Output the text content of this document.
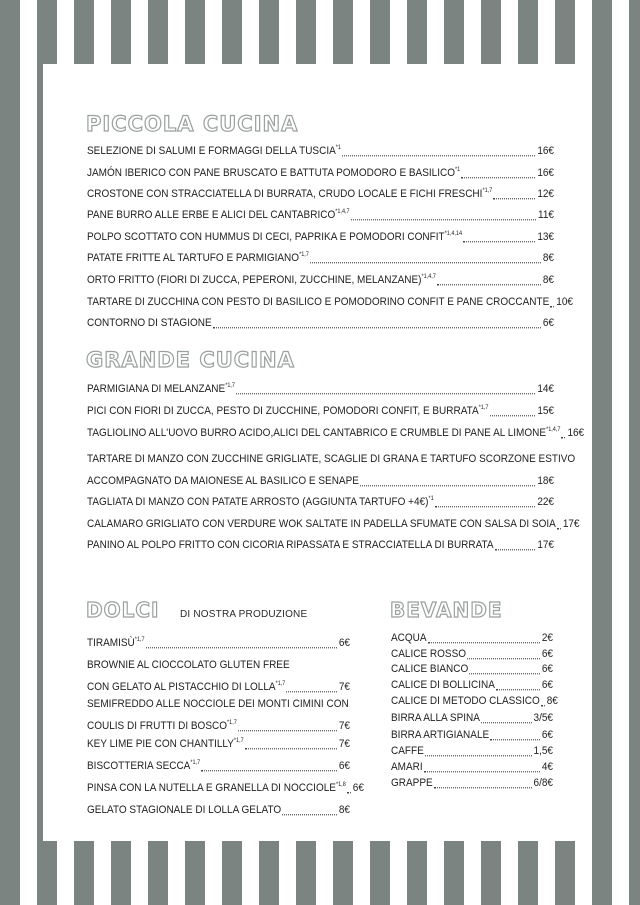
PICCOLA CUCINA
SELEZIONE DI SALUMI E FORMAGGI DELLA TUSCIA$^{*1}$	16€
JAMÓN IBERICO CON PANE BRUSCATO E BATTUTA POMODORO E BASILICO$^{*1}$	16€
CROSTONE CON STRACCIATELLA DI BURRATA, CRUDO LOCALE E FICHI FRESCHI$^{*1,7}$	12€
PANE BURRO ALLE ERBE E ALICI DEL CANTABRICO$^{*1,4,7}$	11€
POLPO SCOTTATO CON HUMMUS DI CECI, PAPRIKA E POMODORI CONFIT$^{*1,4,14}$	13€
PATATE FRITTE AL TARTUFO E PARMIGIANO$^{*1,7}$	8€
ORTO FRITTO (FIORI DI ZUCCA, PEPERONI, ZUCCHINE, MELANZANE)$^{*1,4,7}$	8€
TARTARE DI ZUCCHINA CON PESTO DI BASILICO E POMODORINO CONFIT E PANE CROCCANTE 10€
CONTORNO DI STAGIONE	6€
GRANDE CUCINA
PARMIGIANA DI MELANZANE$^{*1,7}$	14€
PICI CON FIORI DI ZUCCA, PESTO DI ZUCCHINE, POMODORI CONFIT, E BURRATA$^{*1,7}$	15€
TAGLIOLINO ALL'UOVO BURRO ACIDO,ALICI DEL CANTABRICO E CRUMBLE DI PANE AL LIMONE$^{*1,4,7}$ 16€
TARTARE DI MANZO CON ZUCCHINE GRIGLIATE, SCAGLIE DI GRANA E TARTUFO SCORZONE ESTIVO
ACCOMPAGNATO DA MAIONESE AL BASILICO E SENAPE	18€
TAGLIATA DI MANZO CON PATATE ARROSTO (AGGIUNTA TARTUFO +4€)$^{*1}$	22€
CALAMARO GRIGLIATO CON VERDURE WOK SALTATE IN PADELLA SFUMATE CON SALSA DI SOIA 17€
PANINO AL POLPO FRITTO CON CICORIA RIPASSATA E STRACCIATELLA DI BURRATA	17€
DOLCI DI NOSTRA PRODUZIONE
TIRAMISÙ$^{*1,7}$	6€
BROWNIE AL CIOCCOLATO GLUTEN FREE
CON GELATO AL PISTACCHIO DI LOLLA$^{*1,7}$	7€
SEMIFREDDO ALLE NOCCIOLE DEI MONTI CIMINI CON
COULIS DI FRUTTI DI BOSCO$^{*1,7}$	7€
KEY LIME PIE CON CHANTILLY$^{*1,7}$	7€
BISCOTTERIA SECCA$^{*1,7}$	6€
PINSA CON LA NUTELLA E GRANELLA DI NOCCIOLE$^{*1,8}$ 6€
GELATO STAGIONALE DI LOLLA GELATO	8€
BEVANDE
ACQUA	2€
CALICE ROSSO	6€
CALICE BIANCO	6€
CALICE DI BOLLICINA	6€
CALICE DI METODO CLASSICO 8€
BIRRA ALLA SPINA	3/5€
BIRRA ARTIGIANALE	6€
CAFFE	1,5€
AMARI	4€
GRAPPE	6/8€
